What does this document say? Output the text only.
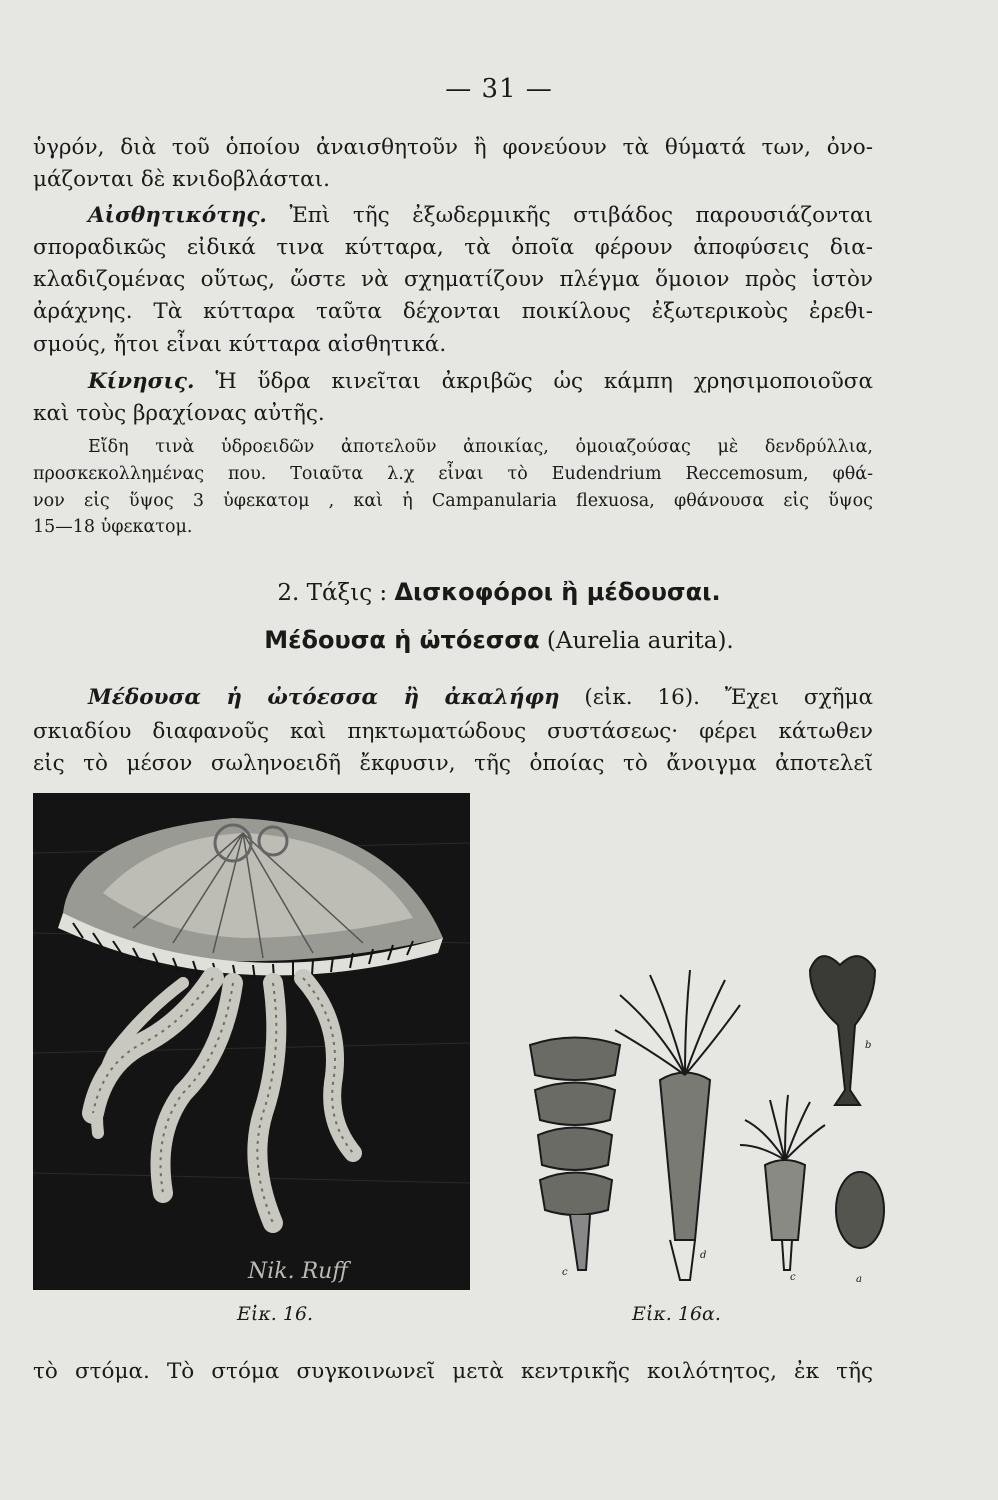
— 31 —
ὑγρόν, διὰ τοῦ ὁποίου ἀναισθητοῦν ἢ φονεύουν τὰ θύματά των, ὀνο-
μάζονται δὲ κνιδοβλάσται.
Αἰσθητικότης. Ἐπὶ τῆς ἐξωδερμικῆς στιβάδος παρουσιάζονται
σποραδικῶς εἰδικά τινα κύτταρα, τὰ ὁποῖα φέρουν ἀποφύσεις δια-
κλαδιζομένας οὕτως, ὥστε νὰ σχηματίζουν πλέγμα ὅμοιον πρὸς ἱστὸν
ἀράχνης. Τὰ κύτταρα ταῦτα δέχονται ποικίλους ἐξωτερικοὺς ἐρεθι-
σμούς, ἤτοι εἶναι κύτταρα αἰσθητικά.
Κίνησις. Ἡ ὕδρα κινεῖται ἀκριβῶς ὡς κάμπη χρησιμοποιοῦσα
καὶ τοὺς βραχίονας αὐτῆς.
Εἴδη τινὰ ὑδροειδῶν ἀποτελοῦν ἀποικίας, ὁμοιαζούσας μὲ δενδρύλλια,
προσκεκολλημένας που. Τοιαῦτα λ.χ εἶναι τὸ Eudendrium Reccemosum, φθά-
νον εἰς ὕψος 3 ὑφεκατομ , καὶ ἡ Campanularia flexuosa, φθάνουσα εἰς ὕψος
15—18 ὑφεκατομ.
2. Τάξις : Δισκοφόροι ἢ μέδουσαι.
Μέδουσα ἡ ὠτόεσσα (Aurelia aurita).
Μέδουσα ἡ ὠτόεσσα ἢ ἀκαλήφη (εἰκ. 16). Ἔχει σχῆμα
σκιαδίου διαφανοῦς καὶ πηκτωματώδους συστάσεως· φέρει κάτωθεν
εἰς τὸ μέσον σωληνοειδῆ ἔκφυσιν, τῆς ὁποίας τὸ ἄνοιγμα ἀποτελεῖ
Nik. Ruff	c
d
c
b
a
Εἰκ. 16.	Εἰκ. 16α.
τὸ στόμα. Τὸ στόμα συγκοινωνεῖ μετὰ κεντρικῆς κοιλότητος, ἐκ τῆς
